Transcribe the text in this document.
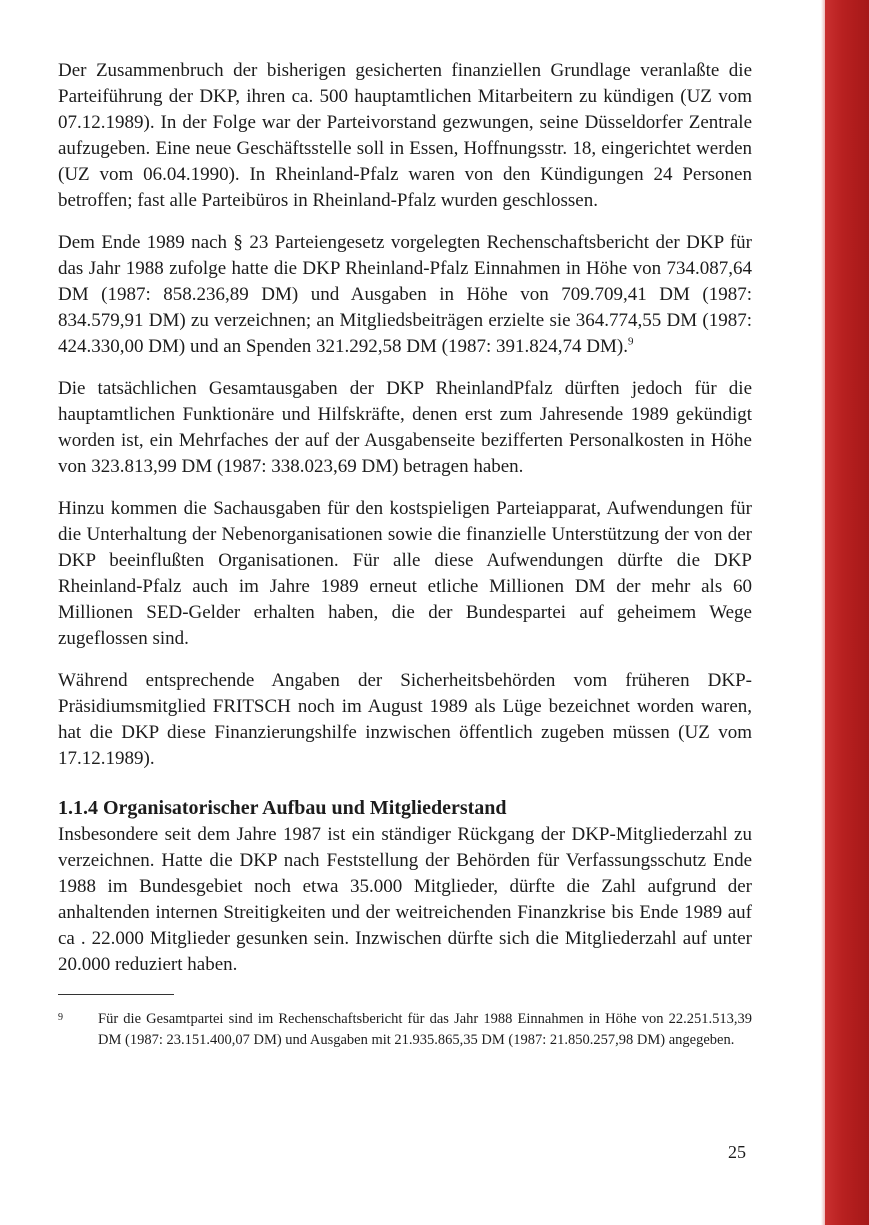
Der Zusammenbruch der bisherigen gesicherten finanziellen Grundlage veranlaßte die Parteiführung der DKP, ihren ca. 500 hauptamtlichen Mitarbeitern zu kündigen (UZ vom 07.12.1989). In der Folge war der Parteivorstand gezwungen, seine Düsseldorfer Zentrale aufzugeben. Eine neue Geschäftsstelle soll in Essen, Hoffnungsstr. 18, eingerichtet werden (UZ vom 06.04.1990). In Rheinland-Pfalz waren von den Kündigungen 24 Personen betroffen; fast alle Parteibüros in Rheinland-Pfalz wurden geschlossen.

Dem Ende 1989 nach § 23 Parteiengesetz vorgelegten Rechenschaftsbericht der DKP für das Jahr 1988 zufolge hatte die DKP Rheinland-Pfalz Einnahmen in Höhe von 734.087,64 DM (1987: 858.236,89 DM) und Ausgaben in Höhe von 709.709,41 DM (1987: 834.579,91 DM) zu verzeichnen; an Mitgliedsbeiträgen erzielte sie 364.774,55 DM (1987: 424.330,00 DM) und an Spenden 321.292,58 DM (1987: 391.824,74 DM).$^9$

Die tatsächlichen Gesamtausgaben der DKP RheinlandPfalz dürften jedoch für die hauptamtlichen Funktionäre und Hilfskräfte, denen erst zum Jahresende 1989 gekündigt worden ist, ein Mehrfaches der auf der Ausgabenseite bezifferten Personalkosten in Höhe von 323.813,99 DM (1987: 338.023,69 DM) betragen haben.

Hinzu kommen die Sachausgaben für den kostspieligen Parteiapparat, Aufwendungen für die Unterhaltung der Nebenorganisationen sowie die finanzielle Unterstützung der von der DKP beeinflußten Organisationen. Für alle diese Aufwendungen dürfte die DKP Rheinland-Pfalz auch im Jahre 1989 erneut etliche Millionen DM der mehr als 60 Millionen SED-Gelder erhalten haben, die der Bundespartei auf geheimem Wege zugeflossen sind.

Während entsprechende Angaben der Sicherheitsbehörden vom früheren DKP-Präsidiumsmitglied FRITSCH noch im August 1989 als Lüge bezeichnet worden waren, hat die DKP diese Finanzierungshilfe inzwischen öffentlich zugeben müssen (UZ vom 17.12.1989).

1.1.4 Organisatorischer Aufbau und Mitgliederstand

Insbesondere seit dem Jahre 1987 ist ein ständiger Rückgang der DKP-Mitgliederzahl zu verzeichnen. Hatte die DKP nach Feststellung der Behörden für Verfassungsschutz Ende 1988 im Bundesgebiet noch etwa 35.000 Mitglieder, dürfte die Zahl aufgrund der anhaltenden internen Streitigkeiten und der weitreichenden Finanzkrise bis Ende 1989 auf ca . 22.000 Mitglieder gesunken sein. Inzwischen dürfte sich die Mitgliederzahl auf unter 20.000 reduziert haben.

9 Für die Gesamtpartei sind im Rechenschaftsbericht für das Jahr 1988 Einnahmen in Höhe von 22.251.513,39 DM (1987: 23.151.400,07 DM) und Ausgaben mit 21.935.865,35 DM (1987: 21.850.257,98 DM) angegeben.
25
